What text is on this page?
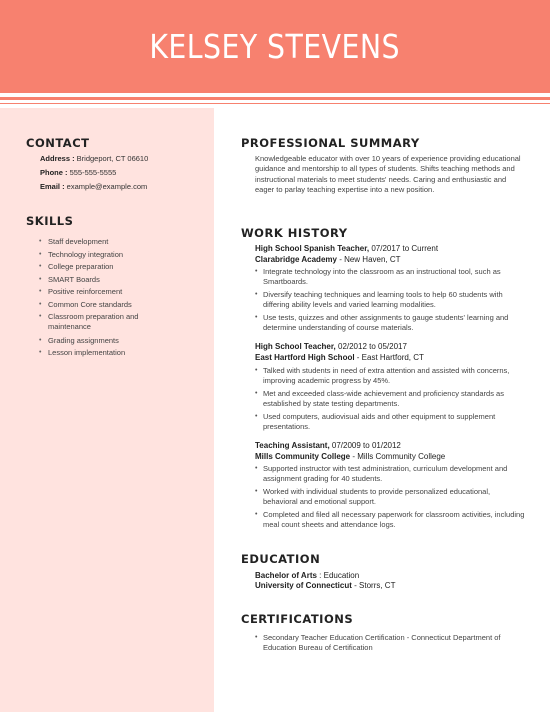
KELSEY STEVENS
CONTACT
Address : Bridgeport, CT 06610
Phone : 555-555-5555
Email : example@example.com
SKILLS
• Staff development
• Technology integration
• College preparation
• SMART Boards
• Positive reinforcement
• Common Core standards
• Classroom preparation and maintenance
• Grading assignments
• Lesson implementation
PROFESSIONAL SUMMARY
Knowledgeable educator with over 10 years of experience providing educational guidance and mentorship to all types of students. Shifts teaching methods and instructional materials to meet students' needs. Caring and enthusiastic and eager to parlay teaching expertise into a new position.
WORK HISTORY
High School Spanish Teacher, 07/2017 to Current
Clarabridge Academy - New Haven, CT
• Integrate technology into the classroom as an instructional tool, such as Smartboards.
• Diversify teaching techniques and learning tools to help 60 students with differing ability levels and varied learning modalities.
• Use tests, quizzes and other assignments to gauge students' learning and determine understanding of course materials.
High School Teacher, 02/2012 to 05/2017
East Hartford High School - East Hartford, CT
• Talked with students in need of extra attention and assisted with concerns, improving academic progress by 45%.
• Met and exceeded class-wide achievement and proficiency standards as established by state testing departments.
• Used computers, audiovisual aids and other equipment to supplement presentations.
Teaching Assistant, 07/2009 to 01/2012
Mills Community College - Mills Community College
• Supported instructor with test administration, curriculum development and assignment grading for 40 students.
• Worked with individual students to provide personalized educational, behavioral and emotional support.
• Completed and filed all necessary paperwork for classroom activities, including meal count sheets and attendance logs.
EDUCATION
Bachelor of Arts : Education
University of Connecticut - Storrs, CT
CERTIFICATIONS
• Secondary Teacher Education Certification - Connecticut Department of Education Bureau of Certification
